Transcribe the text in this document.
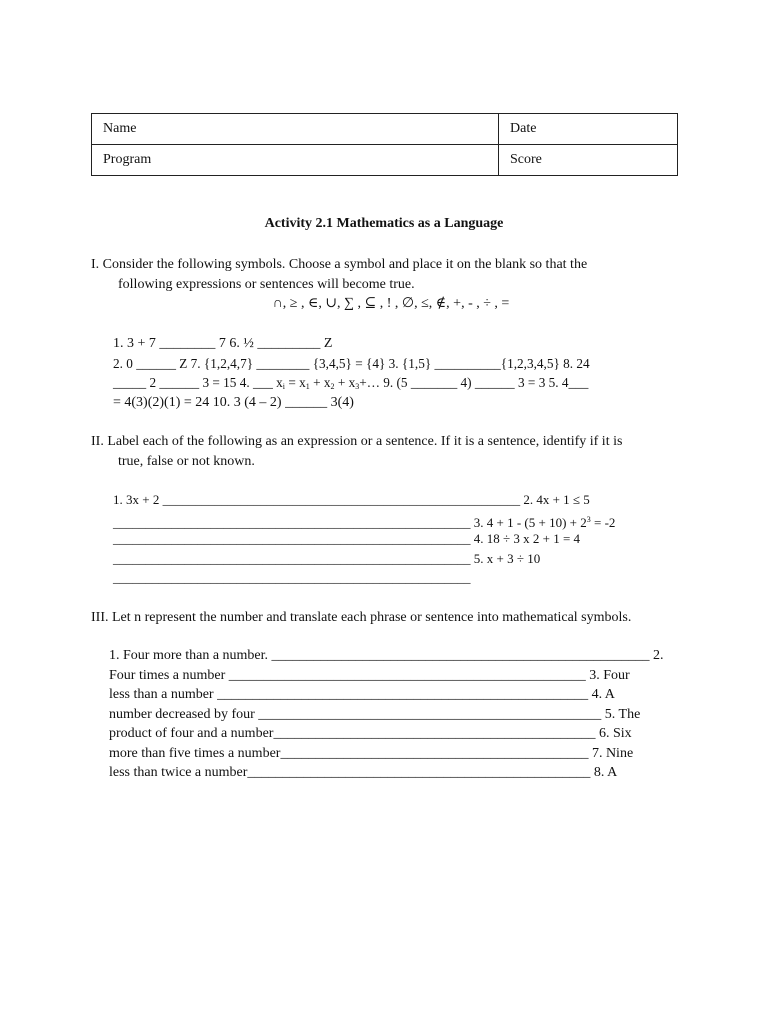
Name	Date
Program	Score
Activity 2.1 Mathematics as a Language
I. Consider the following symbols. Choose a symbol and place it on the blank so that the
following expressions or sentences will become true.
∩, ≥ , ∈, ∪, ∑ , ⊆ , ! , ∅, ≤, ∉, +, - , ÷ , =
1. 3 + 7 ________ 7 6. ½ _________ Z
2. 0 ______ Z 7. {1,2,4,7} ________ {3,4,5} = {4} 3. {1,5} __________{1,2,3,4,5} 8. 24
_____ 2 ______ 3 = 15 4. ___ $x_i = x_1 + x_2$ + $x_3+\dots$ 9. (5 _______ 4) ______ 3 = 3 5. 4___
= 4(3)(2)(1) = 24 10. 3 (4 – 2) ______ 3(4)
II. Label each of the following as an expression or a sentence. If it is a sentence, identify if it is
true, false or not known.
1. 3x + 2 _______________________________________________________ 2. 4x + 1 ≤ 5
_______________________________________________________ 3. $4 + 1 - (5 + 10) + 2^3 = -2$
_______________________________________________________ 4. 18 ÷ 3 x 2 + 1 = 4
_______________________________________________________ 5. x + 3 ÷ 10
_______________________________________________________
III. Let n represent the number and translate each phrase or sentence into mathematical symbols.
1. Four more than a number. ______________________________________________________ 2.
Four times a number ___________________________________________________ 3. Four
less than a number _____________________________________________________ 4. A
number decreased by four _________________________________________________ 5. The
product of four and a number______________________________________________ 6. Six
more than five times a number____________________________________________ 7. Nine
less than twice a number_________________________________________________ 8. A
